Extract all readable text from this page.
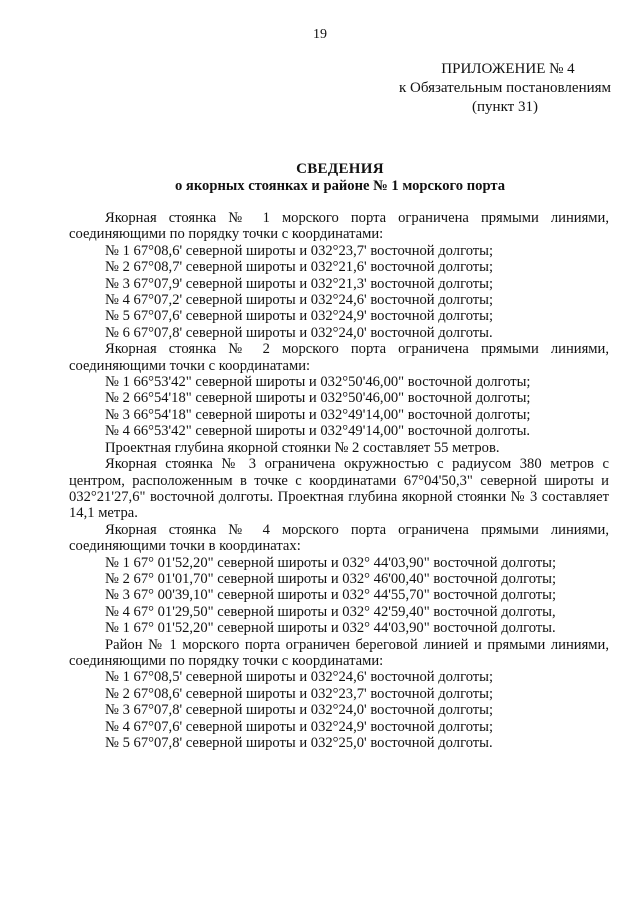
19
ПРИЛОЖЕНИЕ № 4
к Обязательным постановлениям
(пункт 31)
СВЕДЕНИЯ
о якорных стоянках и районе № 1 морского порта

Якорная стоянка № 1 морского порта ограничена прямыми линиями, соединяющими по порядку точки с координатами:

№ 1 67°08,6' северной широты и 032°23,7' восточной долготы;
№ 2 67°08,7' северной широты и 032°21,6' восточной долготы;
№ 3 67°07,9' северной широты и 032°21,3' восточной долготы;
№ 4 67°07,2' северной широты и 032°24,6' восточной долготы;
№ 5 67°07,6' северной широты и 032°24,9' восточной долготы;
№ 6 67°07,8' северной широты и 032°24,0' восточной долготы.

Якорная стоянка № 2 морского порта ограничена прямыми линиями, соединяющими точки с координатами:

№ 1 66°53'42" северной широты и 032°50'46,00" восточной долготы;
№ 2 66°54'18" северной широты и 032°50'46,00" восточной долготы;
№ 3 66°54'18" северной широты и 032°49'14,00" восточной долготы;
№ 4 66°53'42" северной широты и 032°49'14,00" восточной долготы.

Проектная глубина якорной стоянки № 2 составляет 55 метров.

Якорная стоянка № 3 ограничена окружностью с радиусом 380 метров с центром, расположенным в точке с координатами 67°04'50,3" северной широты и 032°21'27,6" восточной долготы. Проектная глубина якорной стоянки № 3 составляет 14,1 метра.

Якорная стоянка № 4 морского порта ограничена прямыми линиями, соединяющими точки в координатах:

№ 1 67° 01'52,20" северной широты и 032° 44'03,90" восточной долготы;
№ 2 67° 01'01,70" северной широты и 032° 46'00,40" восточной долготы;
№ 3 67° 00'39,10" северной широты и 032° 44'55,70" восточной долготы;
№ 4 67° 01'29,50" северной широты и 032° 42'59,40" восточной долготы,
№ 1 67° 01'52,20" северной широты и 032° 44'03,90" восточной долготы.

Район № 1 морского порта ограничен береговой линией и прямыми линиями, соединяющими по порядку точки с координатами:

№ 1 67°08,5' северной широты и 032°24,6' восточной долготы;
№ 2 67°08,6' северной широты и 032°23,7' восточной долготы;
№ 3 67°07,8' северной широты и 032°24,0' восточной долготы;
№ 4 67°07,6' северной широты и 032°24,9' восточной долготы;
№ 5 67°07,8' северной широты и 032°25,0' восточной долготы.
